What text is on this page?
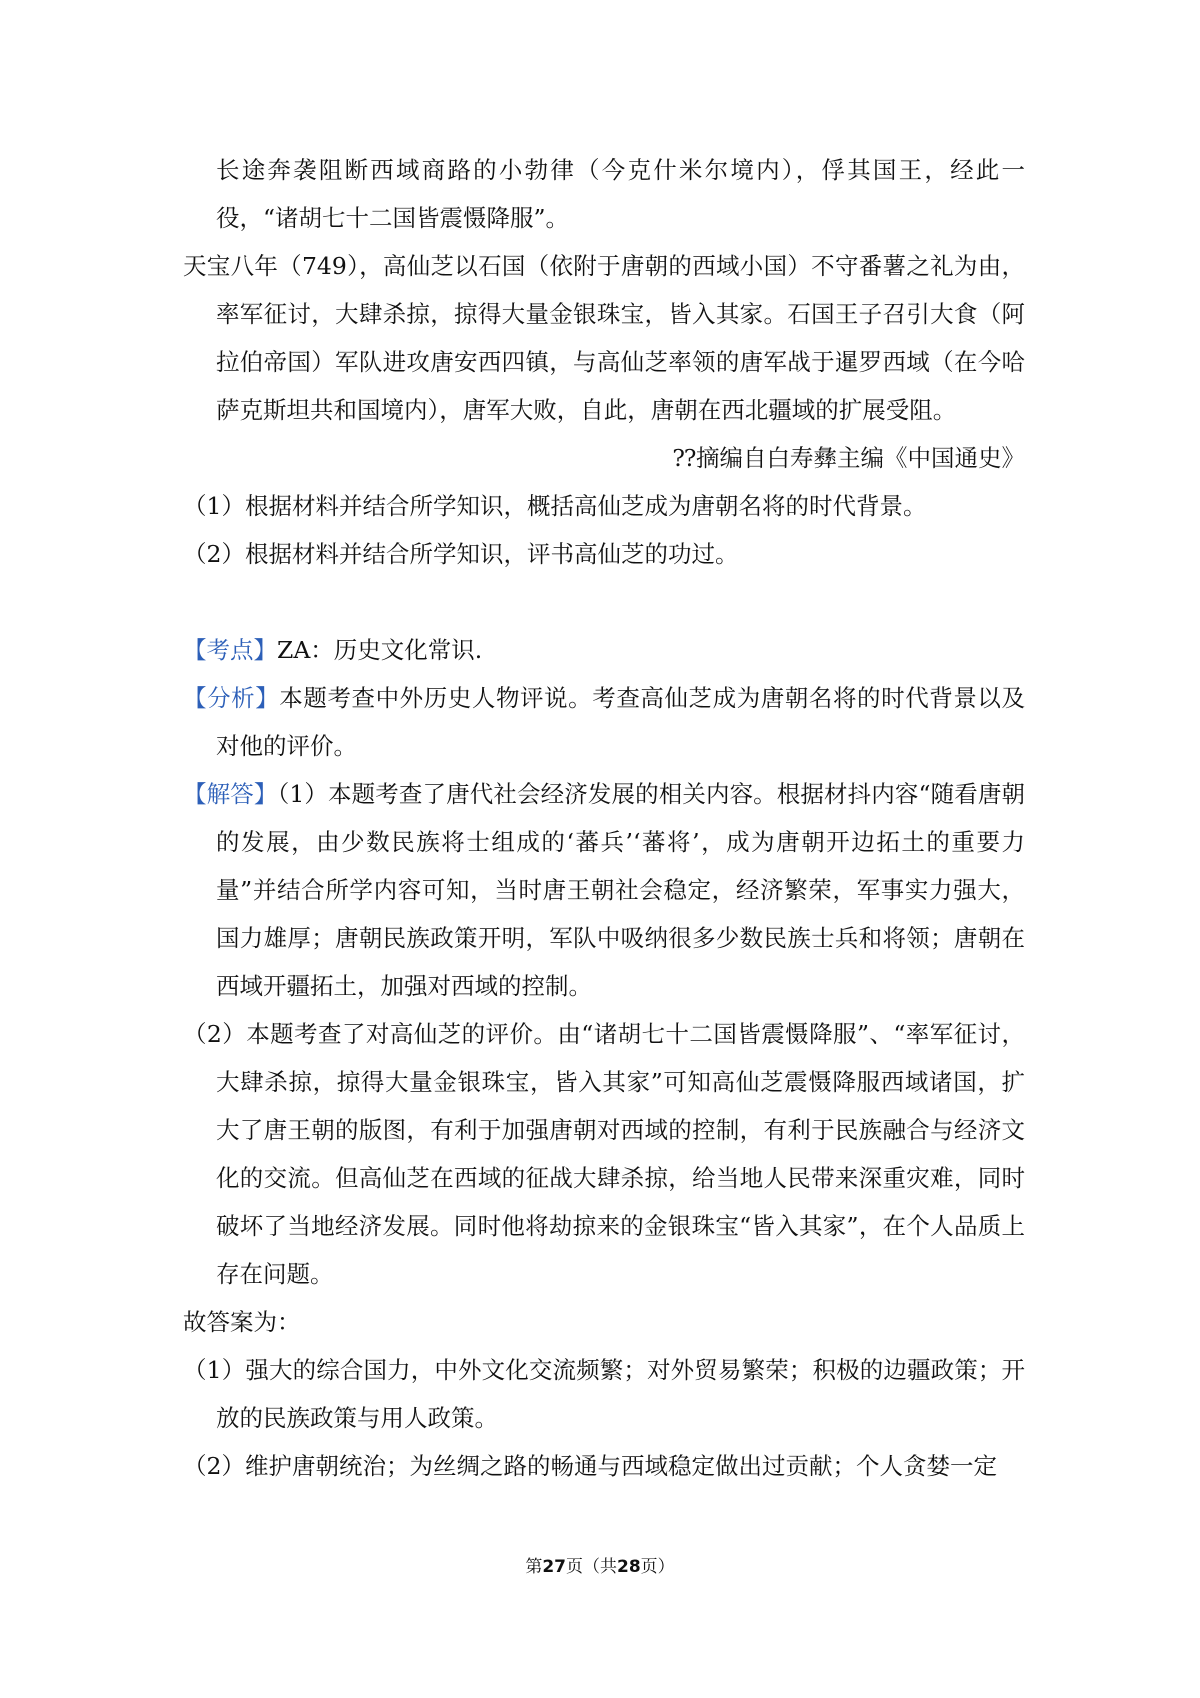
长途奔袭阻断西域商路的小勃律（今克什米尔境内），俘其国王，经此一役，“诸胡七十二国皆震慑降服”。

天宝八年（749），高仙芝以石国（依附于唐朝的西域小国）不守番薯之礼为由，率军征讨，大肆杀掠，掠得大量金银珠宝，皆入其家。石国王子召引大食（阿拉伯帝国）军队进攻唐安西四镇，与高仙芝率领的唐军战于暹罗西域（在今哈萨克斯坦共和国境内），唐军大败，自此，唐朝在西北疆域的扩展受阻。

⁇摘编自白寿彝主编《中国通史》

（1）根据材料并结合所学知识，概括高仙芝成为唐朝名将的时代背景。

（2）根据材料并结合所学知识，评书高仙芝的功过。

【考点】ZA：历史文化常识.

【分析】本题考查中外历史人物评说。考查高仙芝成为唐朝名将的时代背景以及对他的评价。

【解答】（1）本题考查了唐代社会经济发展的相关内容。根据材抖内容“随看唐朝的发展，由少数民族将士组成的‘蕃兵’‘蕃将’，成为唐朝开边拓土的重要力量”并结合所学内容可知，当时唐王朝社会稳定，经济繁荣，军事实力强大，国力雄厚；唐朝民族政策开明，军队中吸纳很多少数民族士兵和将领；唐朝在西域开疆拓土，加强对西域的控制。

（2）本题考查了对高仙芝的评价。由“诸胡七十二国皆震慑降服”、“率军征讨，大肆杀掠，掠得大量金银珠宝，皆入其家”可知高仙芝震慑降服西域诸国，扩大了唐王朝的版图，有利于加强唐朝对西域的控制，有利于民族融合与经济文化的交流。但高仙芝在西域的征战大肆杀掠，给当地人民带来深重灾难，同时破坏了当地经济发展。同时他将劫掠来的金银珠宝“皆入其家”，在个人品质上存在问题。

故答案为：

（1）强大的综合国力，中外文化交流频繁；对外贸易繁荣；积极的边疆政策；开放的民族政策与用人政策。

（2）维护唐朝统治；为丝绸之路的畅通与西域稳定做出过贡献；个人贪婪一定

第27页（共28页）
